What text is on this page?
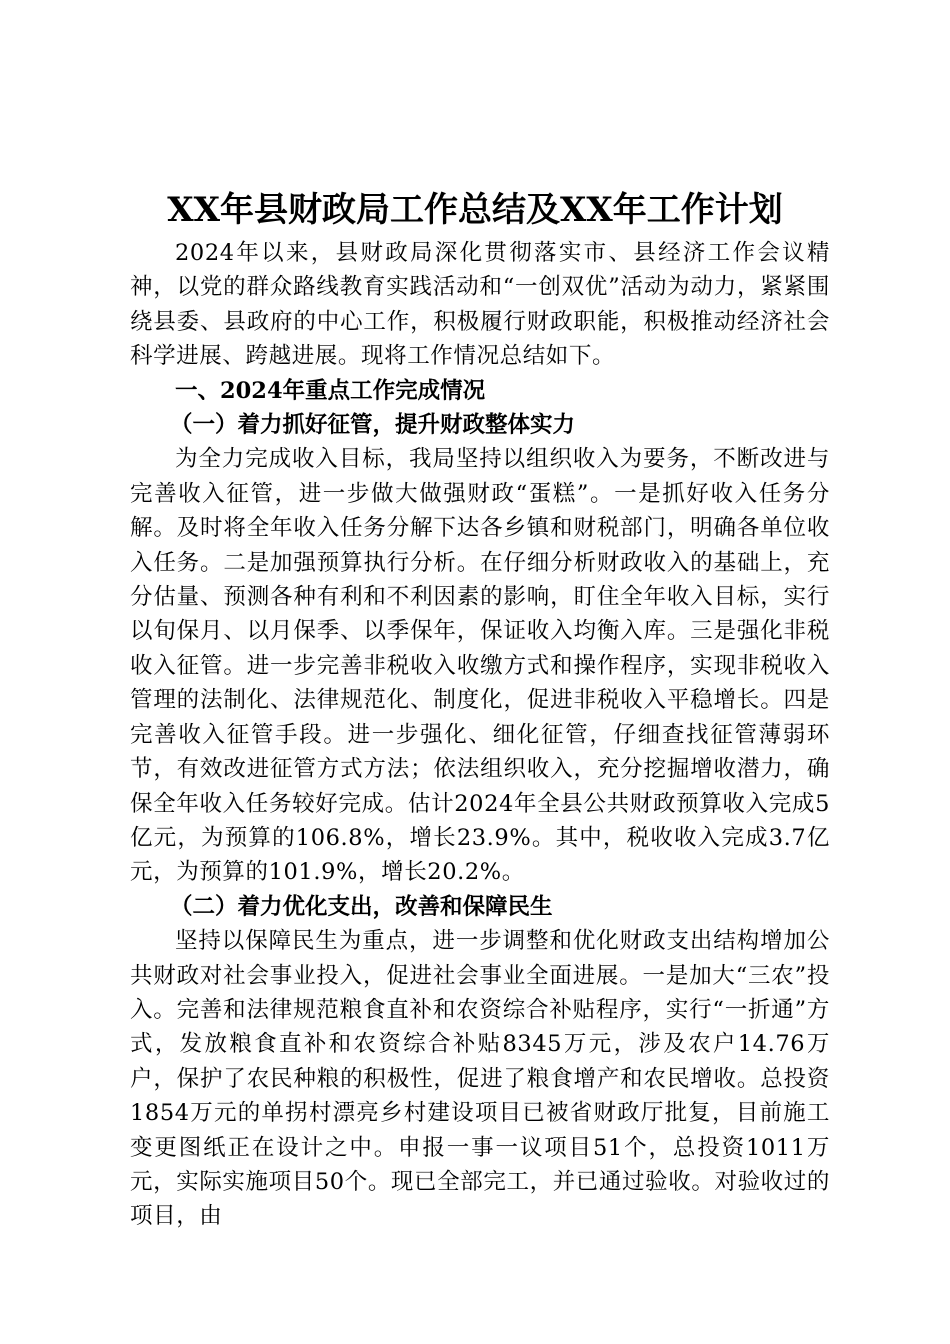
XX年县财政局工作总结及XX年工作计划

2024年以来，县财政局深化贯彻落实市、县经济工作会议精神，以党的群众路线教育实践活动和“一创双优”活动为动力，紧紧围绕县委、县政府的中心工作，积极履行财政职能，积极推动经济社会科学进展、跨越进展。现将工作情况总结如下。

一、2024年重点工作完成情况

（一）着力抓好征管，提升财政整体实力

为全力完成收入目标，我局坚持以组织收入为要务，不断改进与完善收入征管，进一步做大做强财政“蛋糕”。一是抓好收入任务分解。及时将全年收入任务分解下达各乡镇和财税部门，明确各单位收入任务。二是加强预算执行分析。在仔细分析财政收入的基础上，充分估量、预测各种有利和不利因素的影响，盯住全年收入目标，实行以旬保月、以月保季、以季保年，保证收入均衡入库。三是强化非税收入征管。进一步完善非税收入收缴方式和操作程序，实现非税收入管理的法制化、法律规范化、制度化，促进非税收入平稳增长。四是完善收入征管手段。进一步强化、细化征管，仔细查找征管薄弱环节，有效改进征管方式方法；依法组织收入，充分挖掘增收潜力，确保全年收入任务较好完成。估计2024年全县公共财政预算收入完成5亿元，为预算的106.8%，增长23.9%。其中，税收收入完成3.7亿元，为预算的101.9%，增长20.2%。

（二）着力优化支出，改善和保障民生

坚持以保障民生为重点，进一步调整和优化财政支出结构增加公共财政对社会事业投入，促进社会事业全面进展。一是加大“三农”投入。完善和法律规范粮食直补和农资综合补贴程序，实行“一折通”方式，发放粮食直补和农资综合补贴8345万元，涉及农户14.76万户，保护了农民种粮的积极性，促进了粮食增产和农民增收。总投资1854万元的单拐村漂亮乡村建设项目已被省财政厅批复，目前施工变更图纸正在设计之中。申报一事一议项目51个，总投资1011万元，实际实施项目50个。现已全部完工，并已通过验收。对验收过的项目，由
